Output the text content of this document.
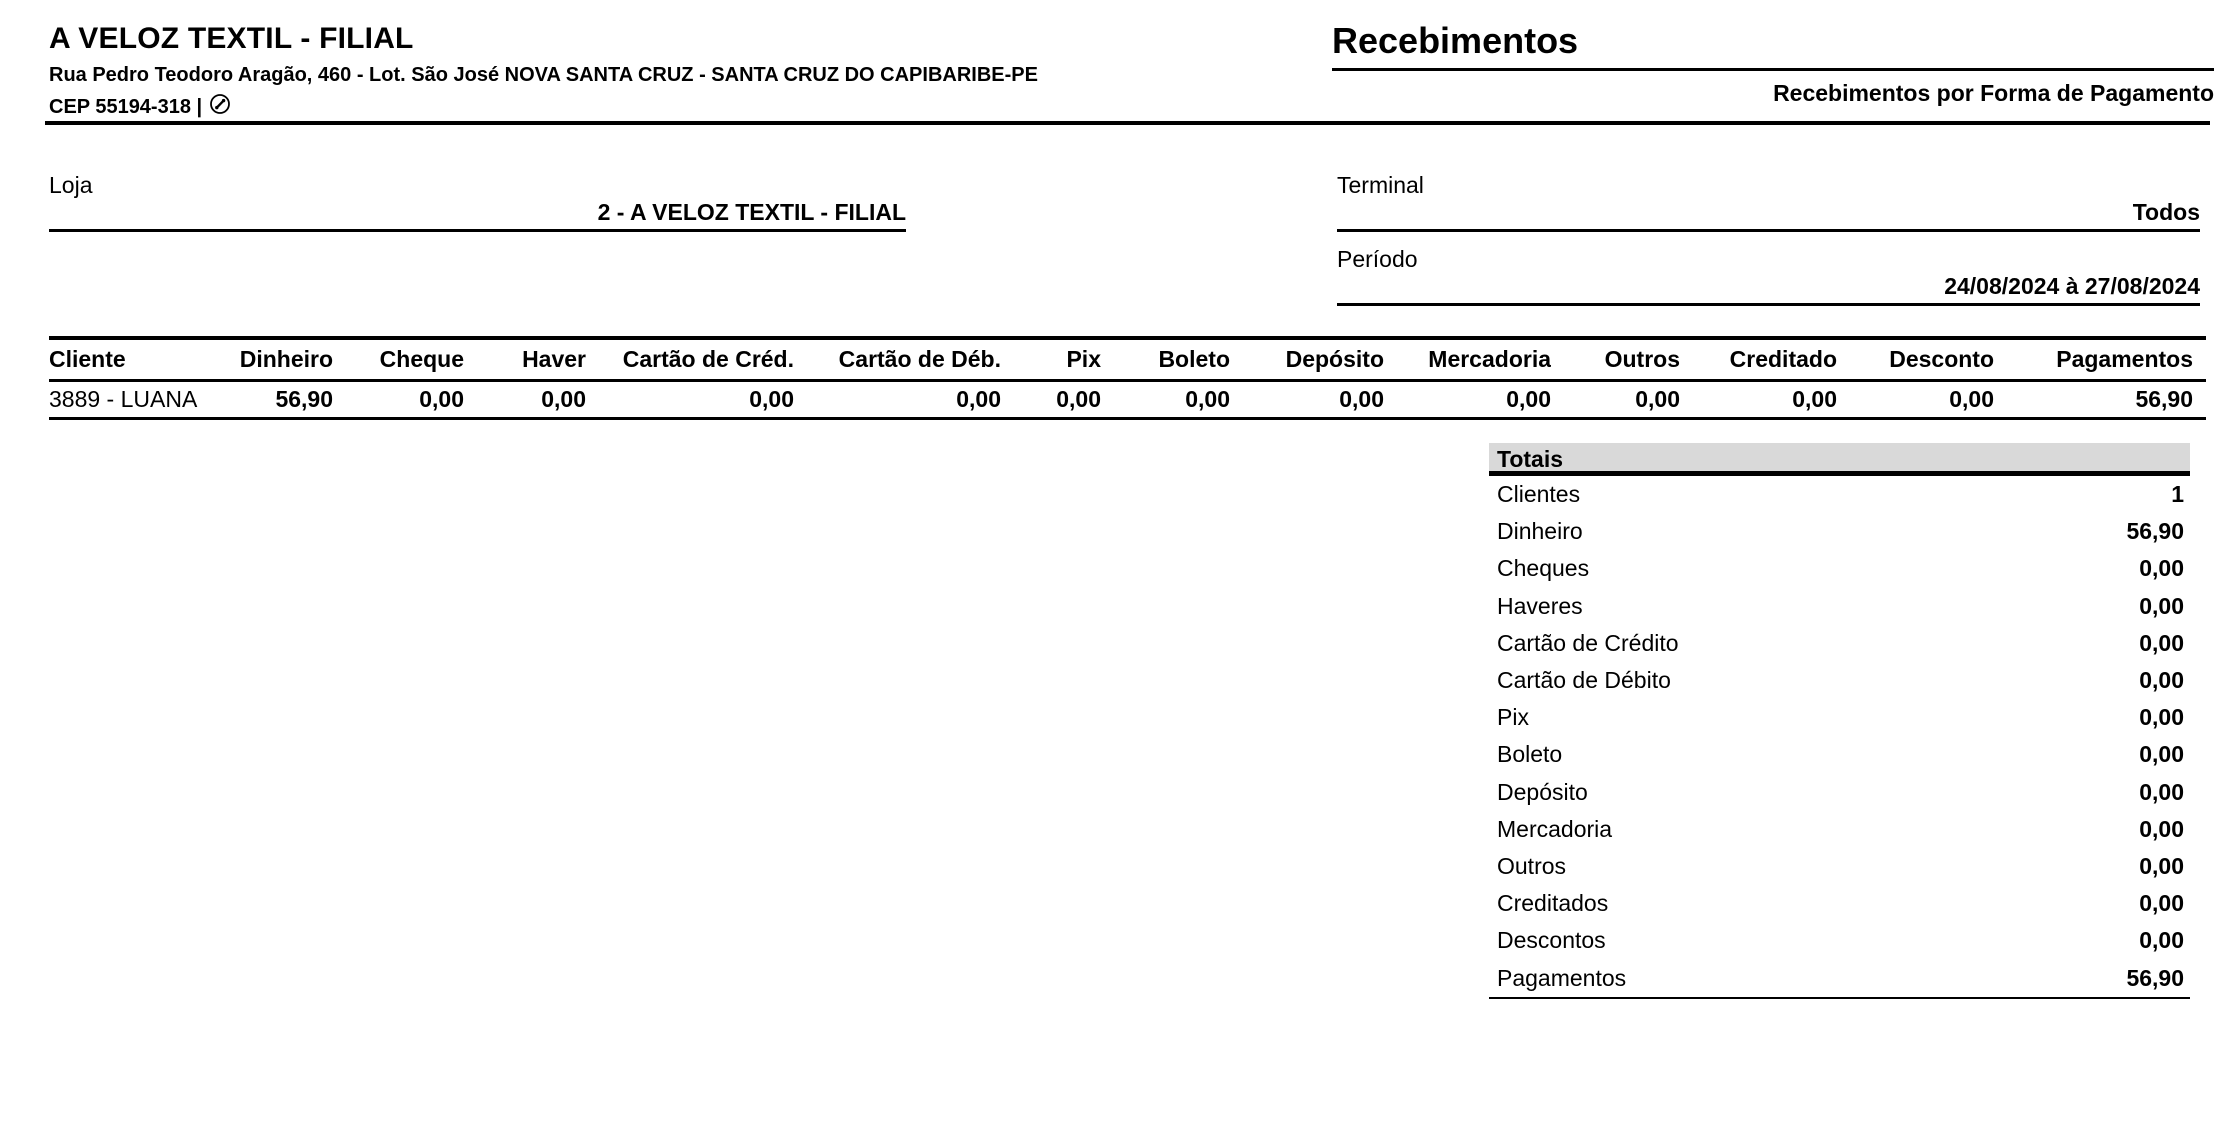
A VELOZ TEXTIL - FILIAL
Rua Pedro Teodoro Aragão, 460 - Lot. São José NOVA SANTA CRUZ - SANTA CRUZ DO CAPIBARIBE-PE
CEP 55194-318 |
Recebimentos
Recebimentos por Forma de Pagamento
Loja
2 - A VELOZ TEXTIL - FILIAL
Terminal
Todos
Período
24/08/2024 à 27/08/2024
Cliente	Dinheiro	Cheque	Haver	Cartão de Créd.	Cartão de Déb.	Pix	Boleto	Depósito	Mercadoria	Outros	Creditado	Desconto	Pagamentos
3889 - LUANA	56,90	0,00	0,00	0,00	0,00	0,00	0,00	0,00	0,00	0,00	0,00	0,00	56,90
Totais
Clientes	1
Dinheiro	56,90
Cheques	0,00
Haveres	0,00
Cartão de Crédito	0,00
Cartão de Débito	0,00
Pix	0,00
Boleto	0,00
Depósito	0,00
Mercadoria	0,00
Outros	0,00
Creditados	0,00
Descontos	0,00
Pagamentos	56,90
